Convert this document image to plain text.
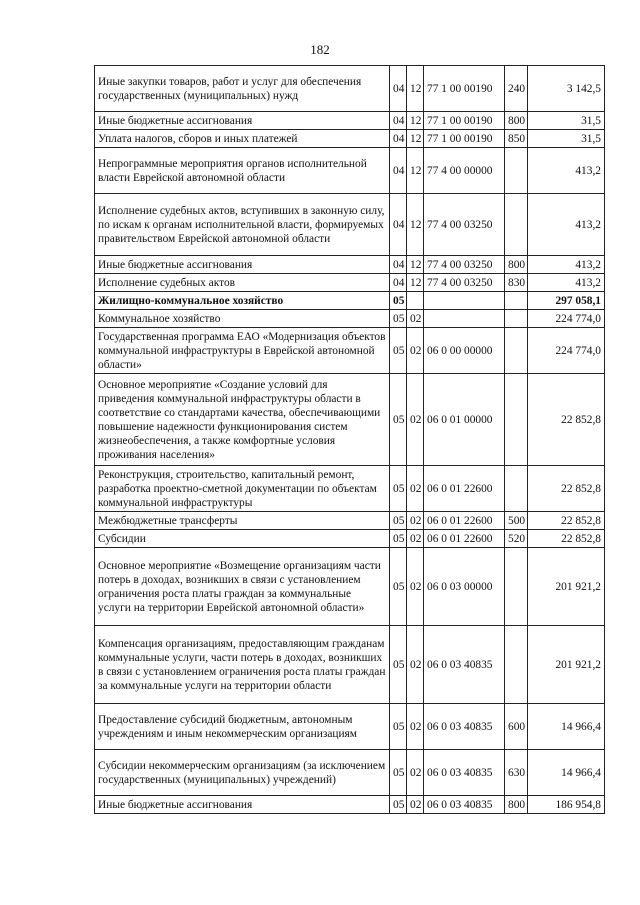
182
Иные закупки товаров, работ и услуг для обеспечения государственных (муниципальных) нужд	04	12	77 1 00 00190	240	3 142,5
Иные бюджетные ассигнования	04	12	77 1 00 00190	800	31,5
Уплата налогов, сборов и иных платежей	04	12	77 1 00 00190	850	31,5
Непрограммные мероприятия органов исполнительной власти Еврейской автономной области	04	12	77 4 00 00000		413,2
Исполнение судебных актов, вступивших в законную силу, по искам к органам исполнительной власти, формируемых правительством Еврейской автономной области	04	12	77 4 00 03250		413,2
Иные бюджетные ассигнования	04	12	77 4 00 03250	800	413,2
Исполнение судебных актов	04	12	77 4 00 03250	830	413,2
Жилищно-коммунальное хозяйство	05				297 058,1
Коммунальное хозяйство	05	02			224 774,0
Государственная программа ЕАО «Модернизация объектов коммунальной инфраструктуры в Еврейской автономной области»	05	02	06 0 00 00000		224 774,0
Основное мероприятие «Создание условий для приведения коммунальной инфраструктуры области в соответствие со стандартами качества, обеспечивающими повышение надежности функционирования систем жизнеобеспечения, а также комфортные условия проживания населения»	05	02	06 0 01 00000		22 852,8
Реконструкция, строительство, капитальный ремонт, разработка проектно-сметной документации по объектам коммунальной инфраструктуры	05	02	06 0 01 22600		22 852,8
Межбюджетные трансферты	05	02	06 0 01 22600	500	22 852,8
Субсидии	05	02	06 0 01 22600	520	22 852,8
Основное мероприятие «Возмещение организациям части потерь в доходах, возникших в связи с установлением ограничения роста платы граждан за коммунальные услуги на территории Еврейской автономной области»	05	02	06 0 03 00000		201 921,2
Компенсация организациям, предоставляющим гражданам коммунальные услуги, части потерь в доходах, возникших в связи с установлением ограничения роста платы граждан за коммунальные услуги на территории области	05	02	06 0 03 40835		201 921,2
Предоставление субсидий бюджетным, автономным учреждениям и иным некоммерческим организациям	05	02	06 0 03 40835	600	14 966,4
Субсидии некоммерческим организациям (за исключением государственных (муниципальных) учреждений)	05	02	06 0 03 40835	630	14 966,4
Иные бюджетные ассигнования	05	02	06 0 03 40835	800	186 954,8
